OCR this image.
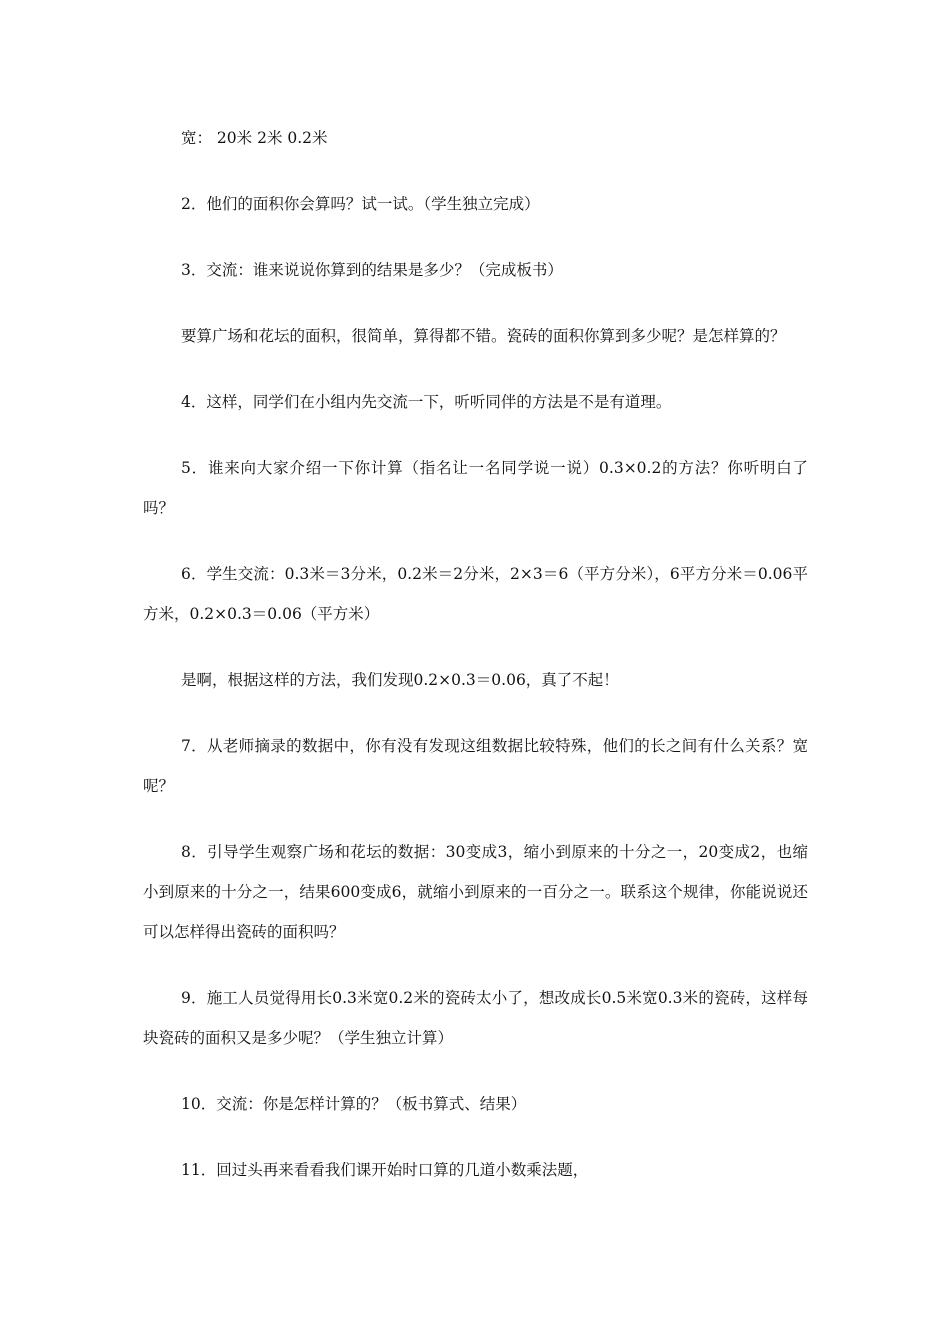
宽： 20米 2米 0.2米

2．他们的面积你会算吗？试一试。（学生独立完成）

3．交流：谁来说说你算到的结果是多少？（完成板书）

要算广场和花坛的面积，很简单，算得都不错。瓷砖的面积你算到多少呢？是怎样算的？

4．这样，同学们在小组内先交流一下，听听同伴的方法是不是有道理。

5．谁来向大家介绍一下你计算（指名让一名同学说一说）0.3×0.2的方法？你听明白了吗？

6．学生交流：0.3米＝3分米，0.2米＝2分米，2×3＝6（平方分米），6平方分米＝0.06平方米，0.2×0.3＝0.06（平方米）

是啊，根据这样的方法，我们发现0.2×0.3＝0.06，真了不起！

7．从老师摘录的数据中，你有没有发现这组数据比较特殊，他们的长之间有什么关系？宽呢？

8．引导学生观察广场和花坛的数据：30变成3，缩小到原来的十分之一，20变成2，也缩小到原来的十分之一，结果600变成6，就缩小到原来的一百分之一。联系这个规律，你能说说还可以怎样得出瓷砖的面积吗？

9．施工人员觉得用长0.3米宽0.2米的瓷砖太小了，想改成长0.5米宽0.3米的瓷砖，这样每块瓷砖的面积又是多少呢？（学生独立计算）

10．交流：你是怎样计算的？（板书算式、结果）

11．回过头再来看看我们课开始时口算的几道小数乘法题，
